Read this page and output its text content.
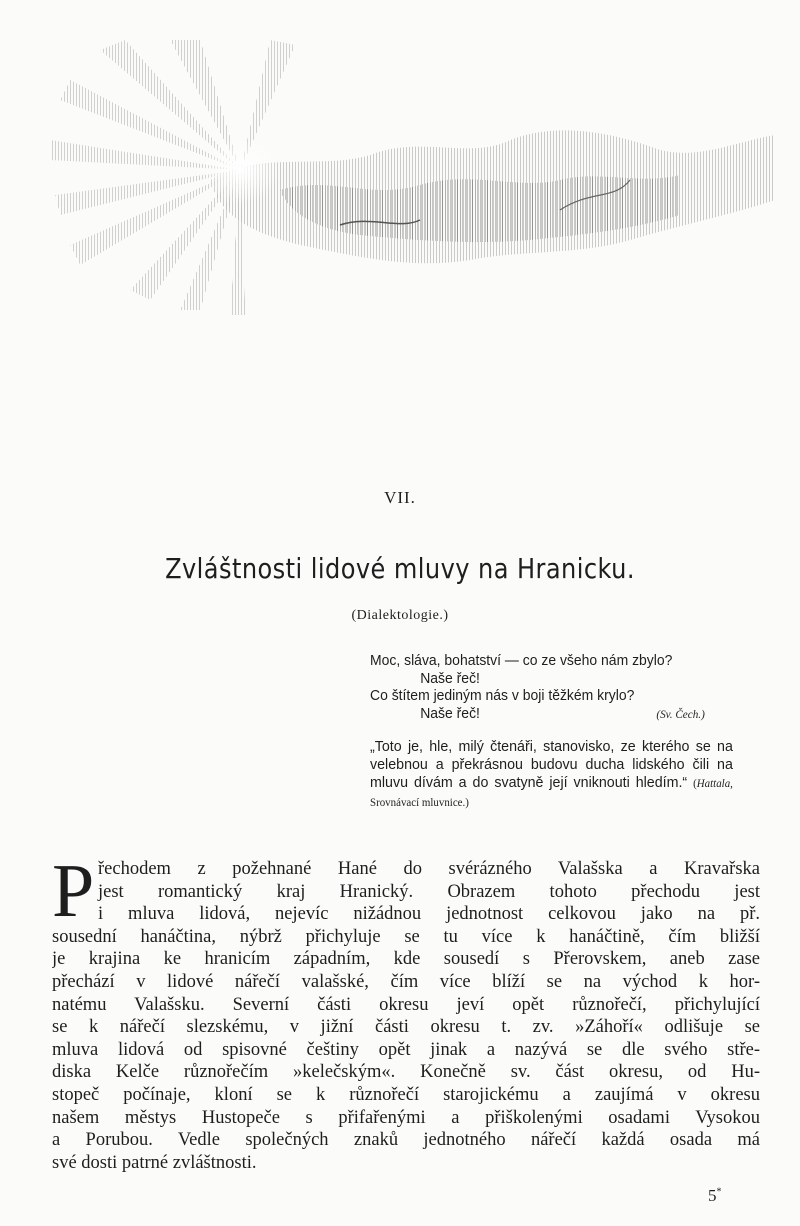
VII.
Zvláštnosti lidové mluvy na Hranicku.
(Dialektologie.)
Moc, sláva, bohatství — co ze všeho nám zbylo?
Naše řeč!
Co štítem jediným nás v boji těžkém krylo?
Naše řeč!	(Sv. Čech.)
„Toto je, hle, milý čtenáři, stanovisko, ze kterého se na velebnou a překrásnou budovu ducha lidského čili na mluvu dívám a do svatyně její vniknouti hledím.“ (Hattala, Srovnávací mluvnice.)
P řechodem z požehnané Hané do svérázného Valašska a Kravařska
jest romantický kraj Hranický. Obrazem tohoto přechodu jest
i mluva lidová, nejevíc nižádnou jednotnost celkovou jako na př.
sousední hanáčtina, nýbrž přichyluje se tu více k hanáčtině, čím bližší
je krajina ke hranicím západním, kde sousedí s Přerovskem, aneb zase
přechází v lidové nářečí valašské, čím více blíží se na východ k hor-
natému Valašsku. Severní části okresu jeví opět různořečí, přichylující
se k nářečí slezskému, v jižní části okresu t. zv. »Záhoří« odlišuje se
mluva lidová od spisovné češtiny opět jinak a nazývá se dle svého stře-
diska Kelče různořečím »kelečským«. Konečně sv. část okresu, od Hu-
stopeč počínaje, kloní se k různořečí starojickému a zaujímá v okresu
našem městys Hustopeče s přifařenými a přiškolenými osadami Vysokou
a Porubou. Vedle společných znaků jednotného nářečí každá osada má
své dosti patrné zvláštnosti.
5*
